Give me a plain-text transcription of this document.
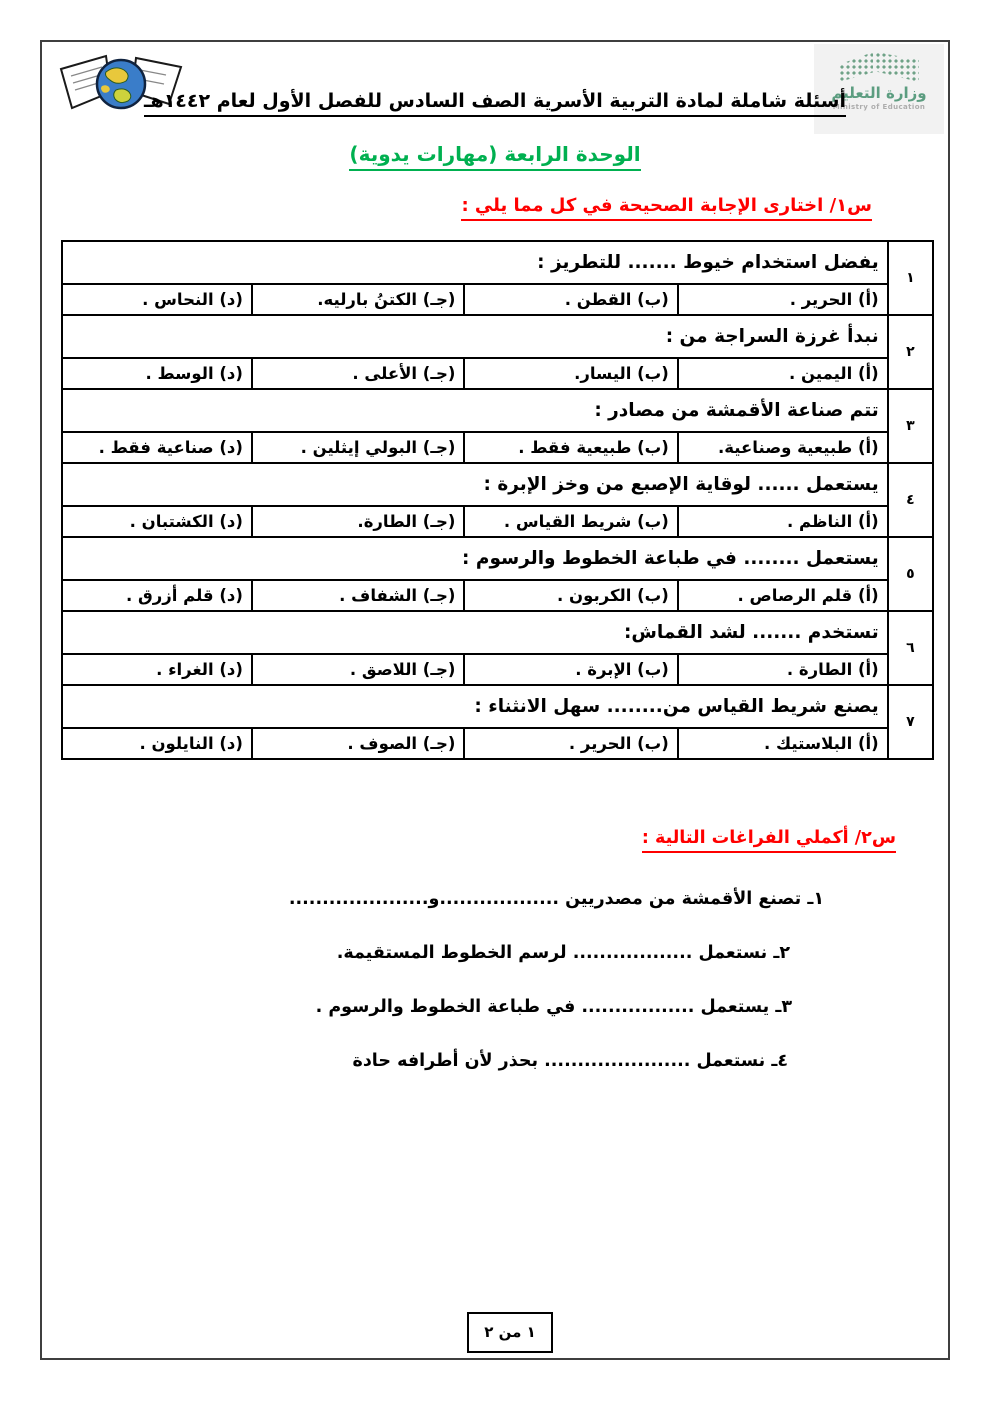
وزارة التعليم
Ministry of Education
أسئلة شاملة لمادة التربية الأسرية الصف السادس للفصل الأول لعام ١٤٤٢هـ
الوحدة الرابعة (مهارات يدوية)
س١/ اختارى الإجابة الصحيحة في كل مما يلي :
١	يفضل استخدام خيوط ....... للتطريز :			
	(أ) الحرير .	(ب) القطن .	(جـ) الكتنُ بارليه.	(د) النحاس .
٢	نبدأ غرزة السراجة من :			
	(أ) اليمين .	(ب) اليسار.	(جـ) الأعلى .	(د) الوسط .
٣	تتم صناعة الأقمشة من مصادر :			
	(أ) طبيعية وصناعية.	(ب) طبيعية فقط .	(جـ) البولي إيثلين .	(د) صناعية فقط .
٤	يستعمل ...... لوقاية الإصبع من وخز الإبرة :			
	(أ) الناظم .	(ب) شريط القياس .	(جـ) الطارة.	(د) الكشتبان .
٥	يستعمل ........ في طباعة الخطوط والرسوم :			
	(أ) قلم الرصاص .	(ب) الكربون .	(جـ) الشفاف .	(د) قلم أزرق .
٦	تستخدم ....... لشد القماش:			
	(أ) الطارة .	(ب) الإبرة .	(جـ) اللاصق .	(د) الغراء .
٧	يصنع شريط القياس من........ سهل الانثناء :			
	(أ) البلاستيك .	(ب) الحرير .	(جـ) الصوف .	(د) النايلون .
س٢/ أكملي الفراغات التالية :
١ـ تصنع الأقمشة من مصدريين ..................و.....................
٢ـ نستعمل .................. لرسم الخطوط المستقيمة.
٣ـ يستعمل ................. في طباعة الخطوط والرسوم .
٤ـ نستعمل ...................... بحذر لأن أطرافه حادة
١ من ٢
